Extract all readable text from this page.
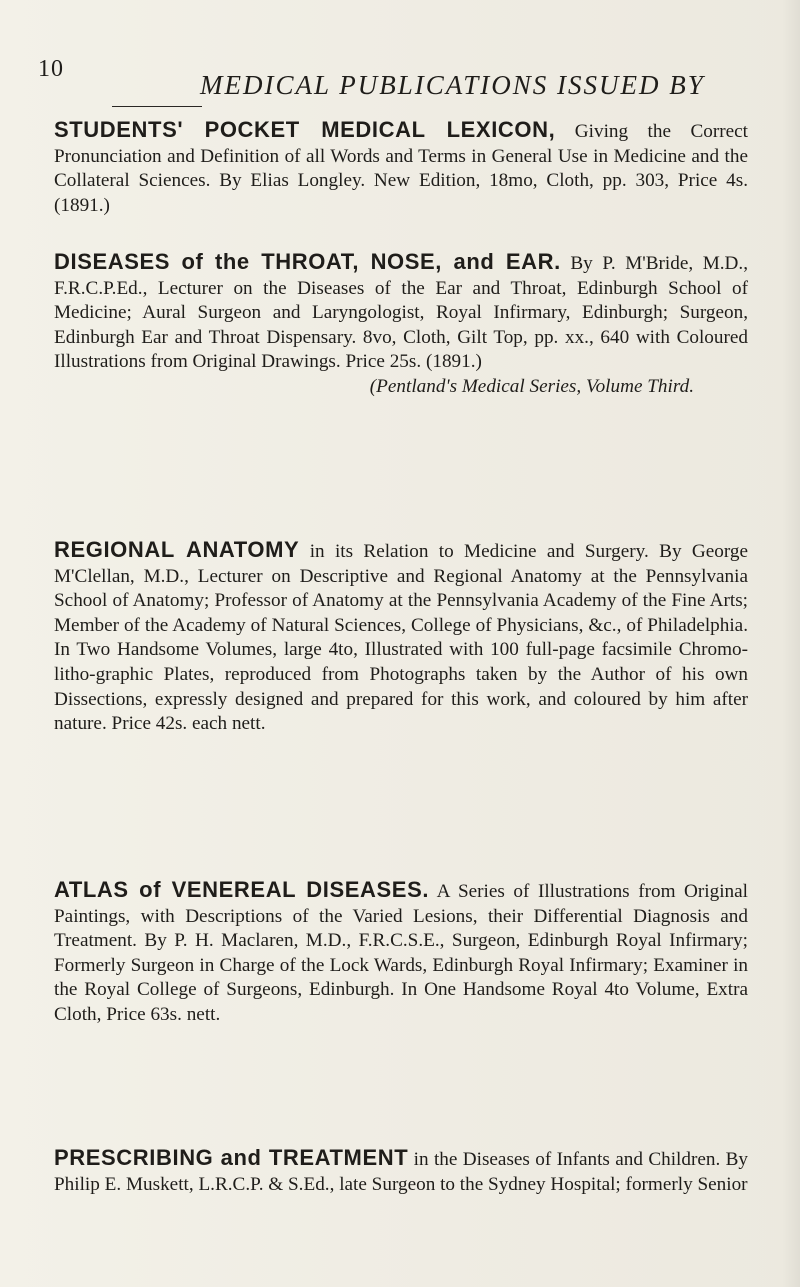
10
MEDICAL PUBLICATIONS ISSUED BY
STUDENTS' POCKET MEDICAL LEXICON, Giving the Correct Pronunciation and Definition of all Words and Terms in General Use in Medicine and the Collateral Sciences. By Elias Longley. New Edition, 18mo, Cloth, pp. 303, Price 4s. (1891.)
DISEASES of the THROAT, NOSE, and EAR. By P. M'Bride, M.D., F.R.C.P.Ed., Lecturer on the Diseases of the Ear and Throat, Edinburgh School of Medicine; Aural Surgeon and Laryngologist, Royal Infirmary, Edinburgh; Surgeon, Edinburgh Ear and Throat Dispensary. 8vo, Cloth, Gilt Top, pp. xx., 640 with Coloured Illustrations from Original Drawings. Price 25s. (1891.)
(Pentland's Medical Series, Volume Third.
REGIONAL ANATOMY in its Relation to Medicine and Surgery. By George M'Clellan, M.D., Lecturer on Descriptive and Regional Anatomy at the Pennsylvania School of Anatomy; Professor of Anatomy at the Pennsylvania Academy of the Fine Arts; Member of the Academy of Natural Sciences, College of Physicians, &c., of Philadelphia. In Two Handsome Volumes, large 4to, Illustrated with 100 full-page facsimile Chromo-litho-graphic Plates, reproduced from Photographs taken by the Author of his own Dissections, expressly designed and prepared for this work, and coloured by him after nature. Price 42s. each nett.
ATLAS of VENEREAL DISEASES. A Series of Illustrations from Original Paintings, with Descriptions of the Varied Lesions, their Differential Diagnosis and Treatment. By P. H. Maclaren, M.D., F.R.C.S.E., Surgeon, Edinburgh Royal Infirmary; Formerly Surgeon in Charge of the Lock Wards, Edinburgh Royal Infirmary; Examiner in the Royal College of Surgeons, Edinburgh. In One Handsome Royal 4to Volume, Extra Cloth, Price 63s. nett.
PRESCRIBING and TREATMENT in the Diseases of Infants and Children. By Philip E. Muskett, L.R.C.P. & S.Ed., late Surgeon to the Sydney Hospital; formerly Senior
